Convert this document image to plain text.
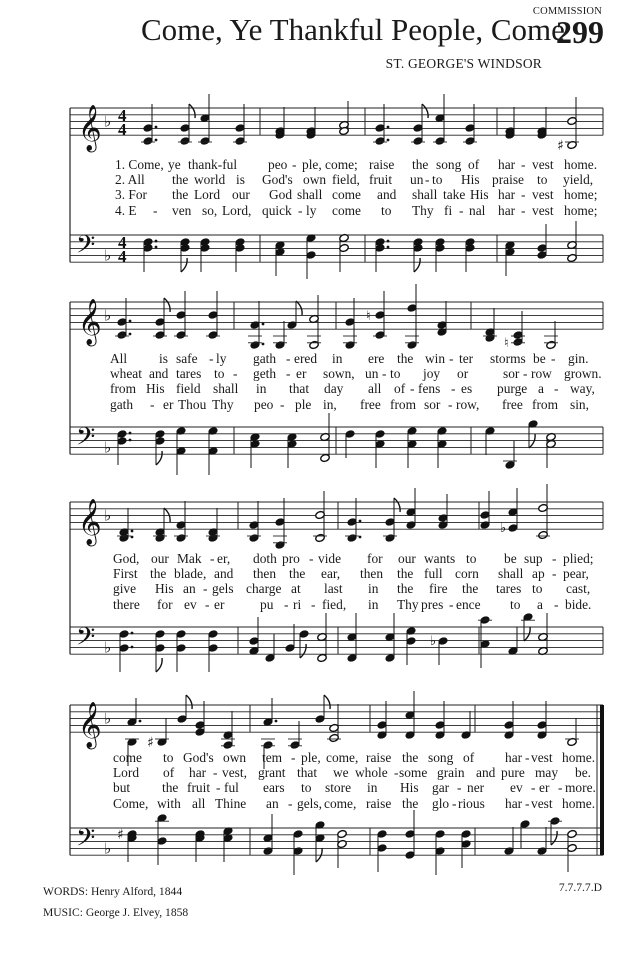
COMMISSION
Come, Ye Thankful People, Come
299
ST. GEORGE'S WINDSOR
𝄞
𝄢
♭
♭
4
4
4
4
♯
𝄞
𝄢
♭
♭
♮
♮
𝄞
𝄢
♭
♭
♭
♭
𝄞
𝄢
♭
♭
♯
♯
1. Come, ye thank-ful peo - ple, come; raise the song of har - vest home.
2. All the world is God's own field, fruit un - to His praise to yield,
3. For the Lord our God shall come and shall take His har - vest home;
4. E - ven so, Lord, quick - ly come to Thy fi - nal har - vest home;
All is safe - ly gath - ered in ere the win - ter storms be - gin.
wheat and tares to - geth - er sown, un - to joy or	sor - row grown.
from His field shall in that day all of - fens - es purge a - way,
gath - er Thou Thy peo - ple in, free from sor - row, free from sin,
God, our Mak - er, doth pro - vide for our wants to be sup - plied;
First the blade, and then the ear, then the full corn shall ap - pear,
give His an - gels charge at last in the fire the tares to cast,
there for ev - er	pu - ri - fied, in Thy pres - ence to a - bide.
come to God's own tem - ple, come, raise the song of har - vest home.
Lord of har - vest, grant that we whole - some grain and pure may be.
but the fruit - ful ears to store in His gar - ner ev - er - more.
Come, with all Thine an - gels, come, raise the glo - rious har - vest home.
WORDS: Henry Alford, 1844
MUSIC: George J. Elvey, 1858
7.7.7.7.D
